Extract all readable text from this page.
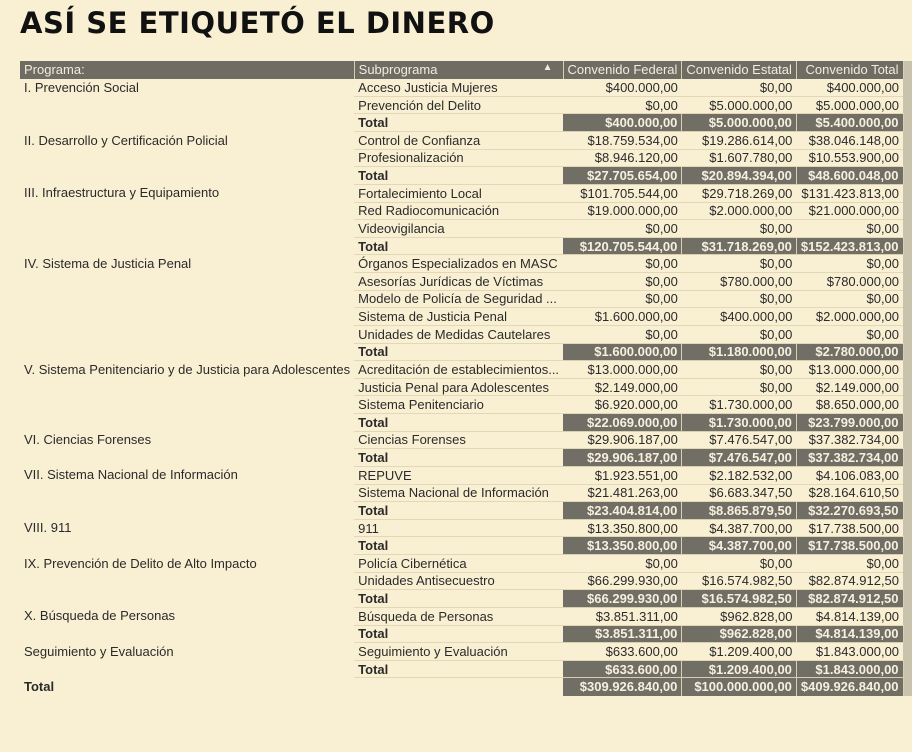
ASÍ SE ETIQUETÓ EL DINERO
Programa:	Subprograma ▲	Convenido Federal	Convenido Estatal	Convenido Total	
I. Prevención Social	Acceso Justicia Mujeres	$400.000,00	$0,00	$400.000,00	
	Prevención del Delito	$0,00	$5.000.000,00	$5.000.000,00	
	Total	$400.000,00	$5.000.000,00	$5.400.000,00	
II. Desarrollo y Certificación Policial	Control de Confianza	$18.759.534,00	$19.286.614,00	$38.046.148,00	
	Profesionalización	$8.946.120,00	$1.607.780,00	$10.553.900,00	
	Total	$27.705.654,00	$20.894.394,00	$48.600.048,00	
III. Infraestructura y Equipamiento	Fortalecimiento Local	$101.705.544,00	$29.718.269,00	$131.423.813,00	
	Red Radiocomunicación	$19.000.000,00	$2.000.000,00	$21.000.000,00	
	Videovigilancia	$0,00	$0,00	$0,00	
	Total	$120.705.544,00	$31.718.269,00	$152.423.813,00	
IV. Sistema de Justicia Penal	Órganos Especializados en MASC	$0,00	$0,00	$0,00	
	Asesorías Jurídicas de Víctimas	$0,00	$780.000,00	$780.000,00	
	Modelo de Policía de Seguridad ...	$0,00	$0,00	$0,00	
	Sistema de Justicia Penal	$1.600.000,00	$400.000,00	$2.000.000,00	
	Unidades de Medidas Cautelares	$0,00	$0,00	$0,00	
	Total	$1.600.000,00	$1.180.000,00	$2.780.000,00	
V. Sistema Penitenciario y de Justicia para Adolescentes	Acreditación de establecimientos...	$13.000.000,00	$0,00	$13.000.000,00	
	Justicia Penal para Adolescentes	$2.149.000,00	$0,00	$2.149.000,00	
	Sistema Penitenciario	$6.920.000,00	$1.730.000,00	$8.650.000,00	
	Total	$22.069.000,00	$1.730.000,00	$23.799.000,00	
VI. Ciencias Forenses	Ciencias Forenses	$29.906.187,00	$7.476.547,00	$37.382.734,00	
	Total	$29.906.187,00	$7.476.547,00	$37.382.734,00	
VII. Sistema Nacional de Información	REPUVE	$1.923.551,00	$2.182.532,00	$4.106.083,00	
	Sistema Nacional de Información	$21.481.263,00	$6.683.347,50	$28.164.610,50	
	Total	$23.404.814,00	$8.865.879,50	$32.270.693,50	
VIII. 911	911	$13.350.800,00	$4.387.700,00	$17.738.500,00	
	Total	$13.350.800,00	$4.387.700,00	$17.738.500,00	
IX. Prevención de Delito de Alto Impacto	Policía Cibernética	$0,00	$0,00	$0,00	
	Unidades Antisecuestro	$66.299.930,00	$16.574.982,50	$82.874.912,50	
	Total	$66.299.930,00	$16.574.982,50	$82.874.912,50	
X. Búsqueda de Personas	Búsqueda de Personas	$3.851.311,00	$962.828,00	$4.814.139,00	
	Total	$3.851.311,00	$962.828,00	$4.814.139,00	
Seguimiento y Evaluación	Seguimiento y Evaluación	$633.600,00	$1.209.400,00	$1.843.000,00	
	Total	$633.600,00	$1.209.400,00	$1.843.000,00	
Total		$309.926.840,00	$100.000.000,00	$409.926.840,00	
